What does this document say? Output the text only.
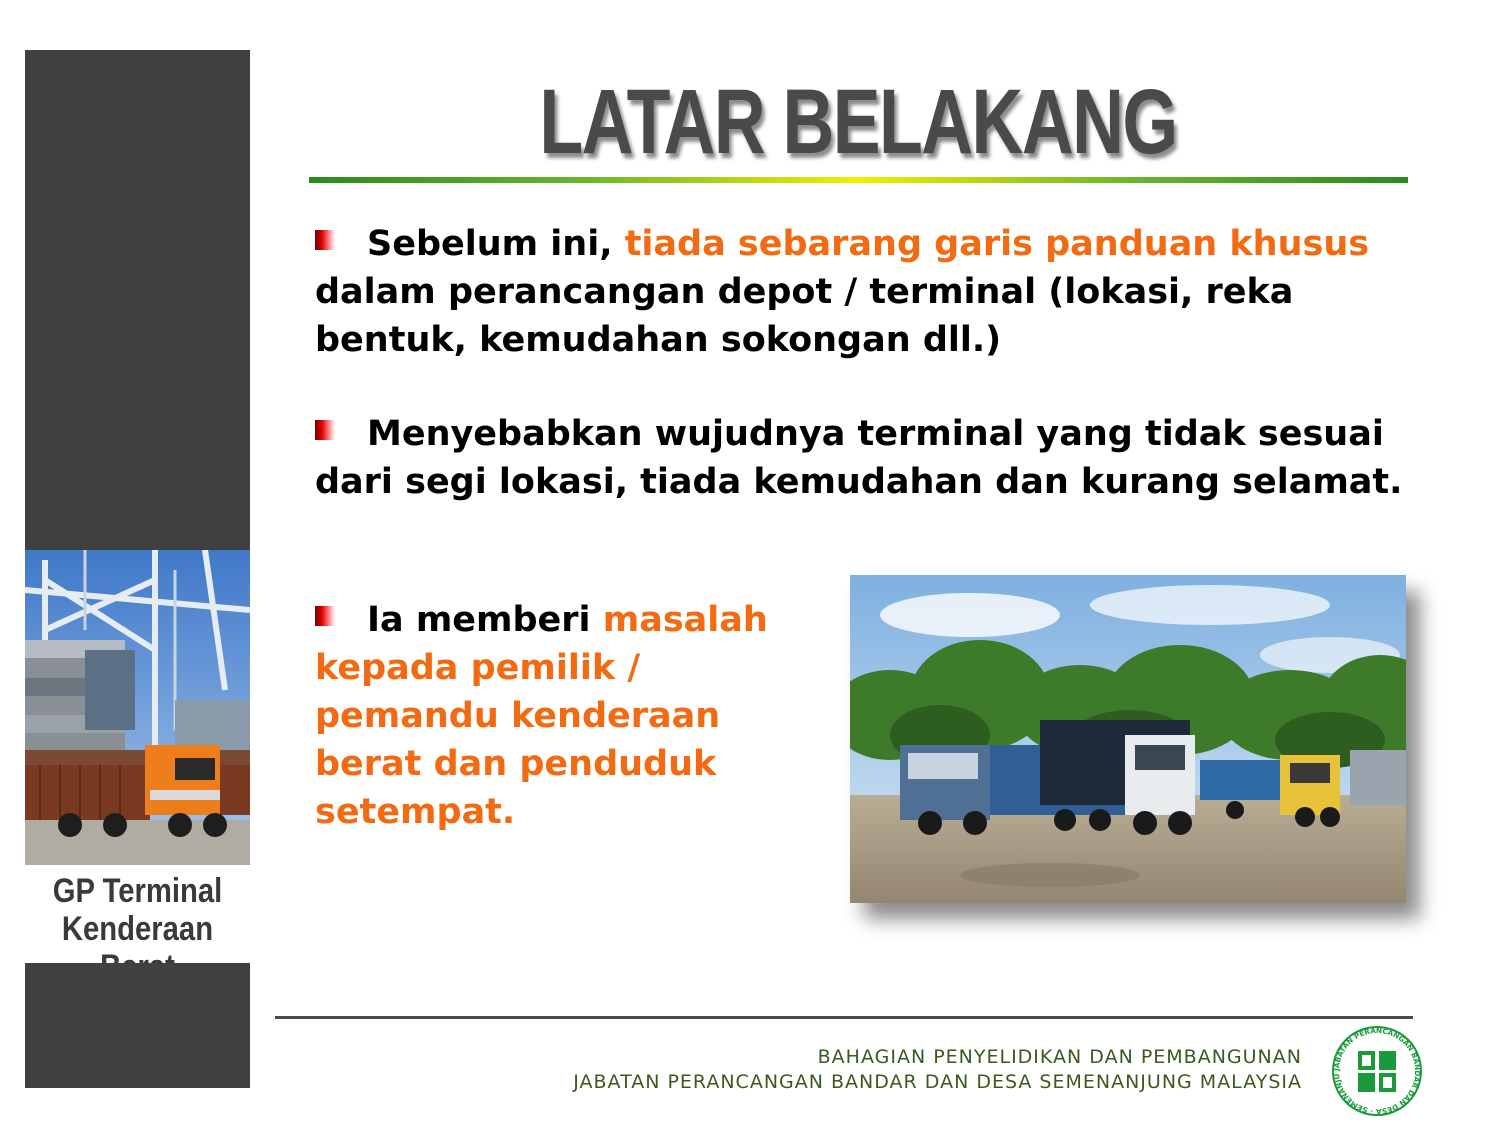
GP Terminal
Kenderaan
LATAR BELAKANG

Sebelum ini, tiada sebarang garis panduan khusus dalam perancangan depot / terminal (lokasi, reka bentuk, kemudahan sokongan dll.)

Menyebabkan wujudnya terminal yang tidak sesuai dari segi lokasi, tiada kemudahan dan kurang selamat.

Ia memberi masalah kepada pemilik / pemandu kenderaan berat dan penduduk setempat.

BAHAGIAN PENYELIDIKAN DAN PEMBANGUNAN
JABATAN PERANCANGAN BANDAR DAN DESA SEMENANJUNG MALAYSIA
JABATAN PERANCANGAN BANDAR DAN DESA · SEMENANJU
